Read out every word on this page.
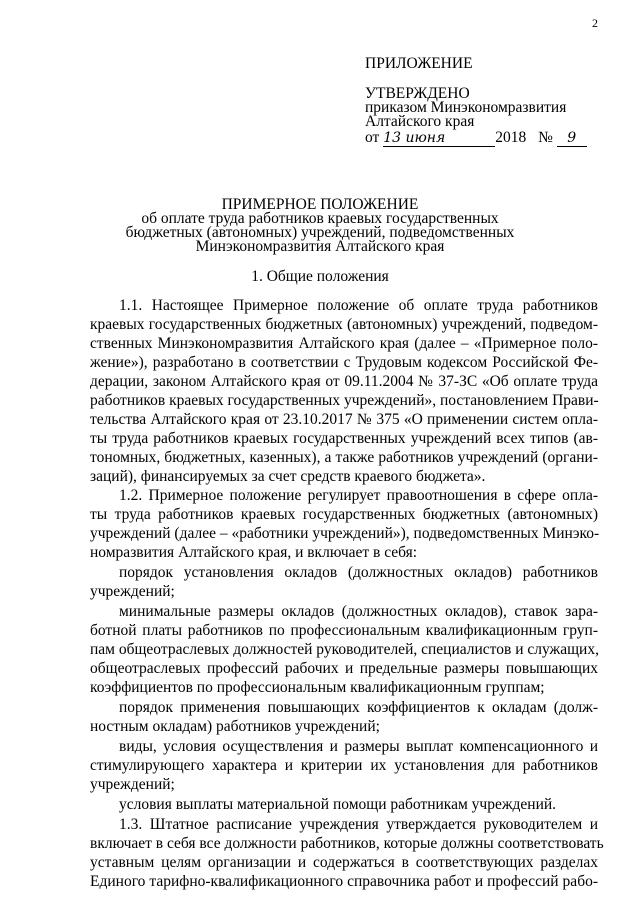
2
ПРИЛОЖЕНИЕ
УТВЕРЖДЕНО
приказом Минэкономразвития
Алтайского края
от 13 июня	2018 № 9
ПРИМЕРНОЕ ПОЛОЖЕНИЕ
об оплате труда работников краевых государственных
бюджетных (автономных) учреждений, подведомственных
Минэкономразвития Алтайского края
1. Общие положения
1.1. Настоящее Примерное положение об оплате труда работников
краевых государственных бюджетных (автономных) учреждений, подведом-
ственных Минэкономразвития Алтайского края (далее – «Примерное поло-
жение»), разработано в соответствии с Трудовым кодексом Российской Фе-
дерации, законом Алтайского края от 09.11.2004 № 37-ЗС «Об оплате труда
работников краевых государственных учреждений», постановлением Прави-
тельства Алтайского края от 23.10.2017 № 375 «О применении систем опла-
ты труда работников краевых государственных учреждений всех типов (ав-
тономных, бюджетных, казенных), а также работников учреждений (органи-
заций), финансируемых за счет средств краевого бюджета».
1.2. Примерное положение регулирует правоотношения в сфере опла-
ты труда работников краевых государственных бюджетных (автономных)
учреждений (далее – «работники учреждений»), подведомственных Минэко-
номразвития Алтайского края, и включает в себя:
порядок установления окладов (должностных окладов) работников
учреждений;
минимальные размеры окладов (должностных окладов), ставок зара-
ботной платы работников по профессиональным квалификационным груп-
пам общеотраслевых должностей руководителей, специалистов и служащих,
общеотраслевых профессий рабочих и предельные размеры повышающих
коэффициентов по профессиональным квалификационным группам;
порядок применения повышающих коэффициентов к окладам (долж-
ностным окладам) работников учреждений;
виды, условия осуществления и размеры выплат компенсационного и
стимулирующего характера и критерии их установления для работников
учреждений;
условия выплаты материальной помощи работникам учреждений.
1.3. Штатное расписание учреждения утверждается руководителем и
включает в себя все должности работников, которые должны соответствовать
уставным целям организации и содержаться в соответствующих разделах
Единого тарифно-квалификационного справочника работ и профессий рабо-
